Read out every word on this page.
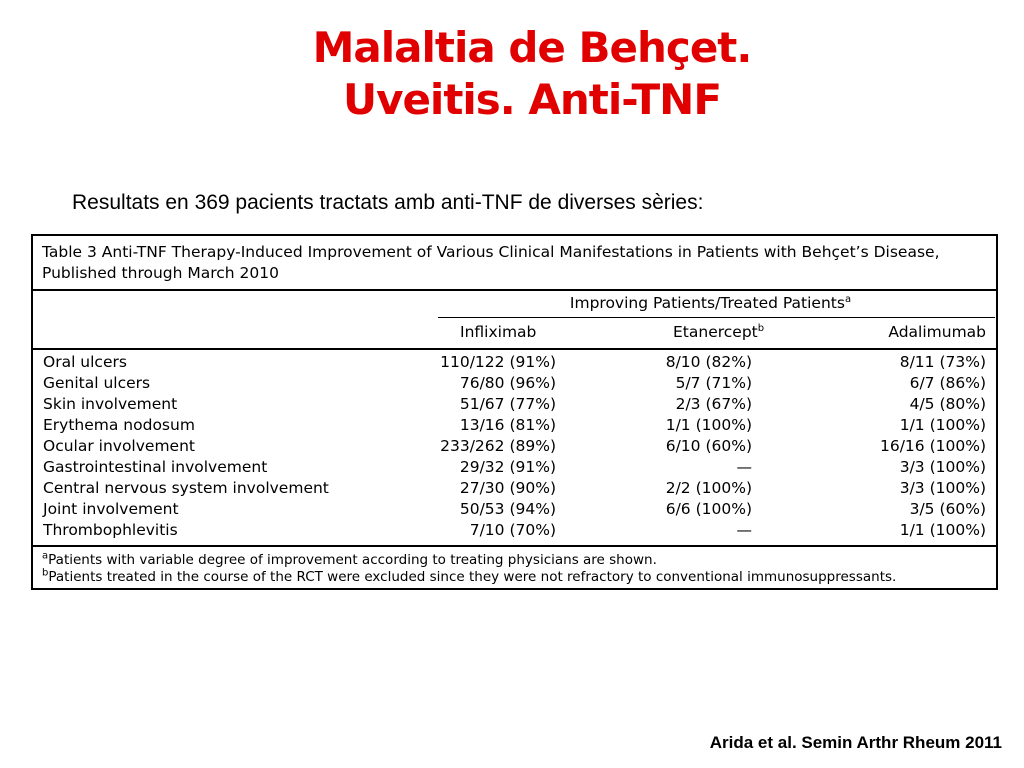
Malaltia de Behçet.
Uveitis. Anti-TNF
Resultats en 369 pacients tractats amb anti-TNF de diverses sèries:
Table 3 Anti-TNF Therapy-Induced Improvement of Various Clinical Manifestations in Patients with Behçet’s Disease,
Published through March 2010
Improving Patients/Treated Patients$^a$
Infliximab	Etanercept$^b$	Adalimumab
Oral ulcers	110/122 (91%)	8/10 (82%)	8/11 (73%)
Genital ulcers	76/80 (96%)	5/7 (71%)	6/7 (86%)
Skin involvement	51/67 (77%)	2/3 (67%)	4/5 (80%)
Erythema nodosum	13/16 (81%)	1/1 (100%)	1/1 (100%)
Ocular involvement	233/262 (89%)	6/10 (60%)	16/16 (100%)
Gastrointestinal involvement	29/32 (91%)	—	3/3 (100%)
Central nervous system involvement	27/30 (90%)	2/2 (100%)	3/3 (100%)
Joint involvement	50/53 (94%)	6/6 (100%)	3/5 (60%)
Thrombophlevitis	7/10 (70%)	—	1/1 (100%)
$^a$Patients with variable degree of improvement according to treating physicians are shown.
$^b$Patients treated in the course of the RCT were excluded since they were not refractory to conventional immunosuppressants.
Arida et al. Semin Arthr Rheum 2011
